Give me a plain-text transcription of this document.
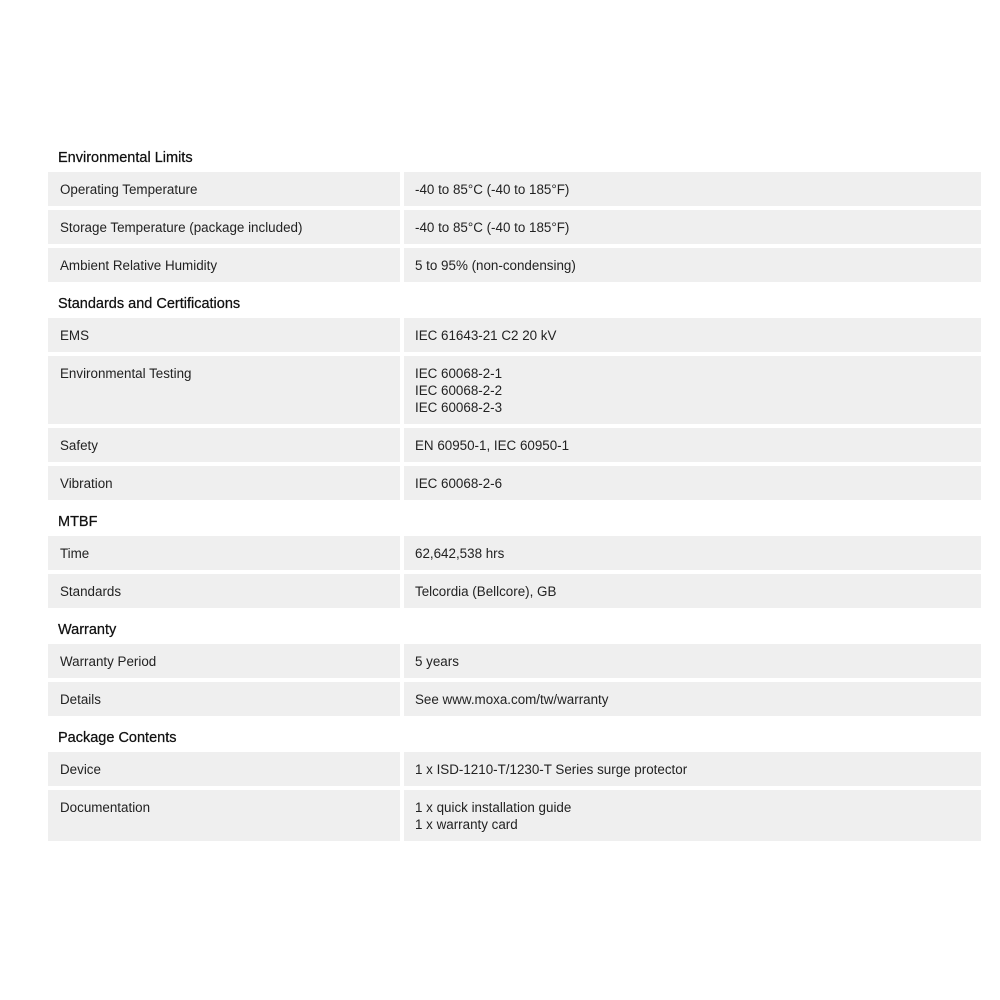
Environmental Limits
Operating Temperature	-40 to 85°C (-40 to 185°F)
Storage Temperature (package included)	-40 to 85°C (-40 to 185°F)
Ambient Relative Humidity	5 to 95% (non-condensing)
Standards and Certifications
EMS	IEC 61643-21 C2 20 kV
Environmental Testing	IEC 60068-2-1
IEC 60068-2-2
IEC 60068-2-3
Safety	EN 60950-1, IEC 60950-1
Vibration	IEC 60068-2-6
MTBF
Time	62,642,538 hrs
Standards	Telcordia (Bellcore), GB
Warranty
Warranty Period	5 years
Details	See www.moxa.com/tw/warranty
Package Contents
Device	1 x ISD-1210-T/1230-T Series surge protector
Documentation	1 x quick installation guide
1 x warranty card
